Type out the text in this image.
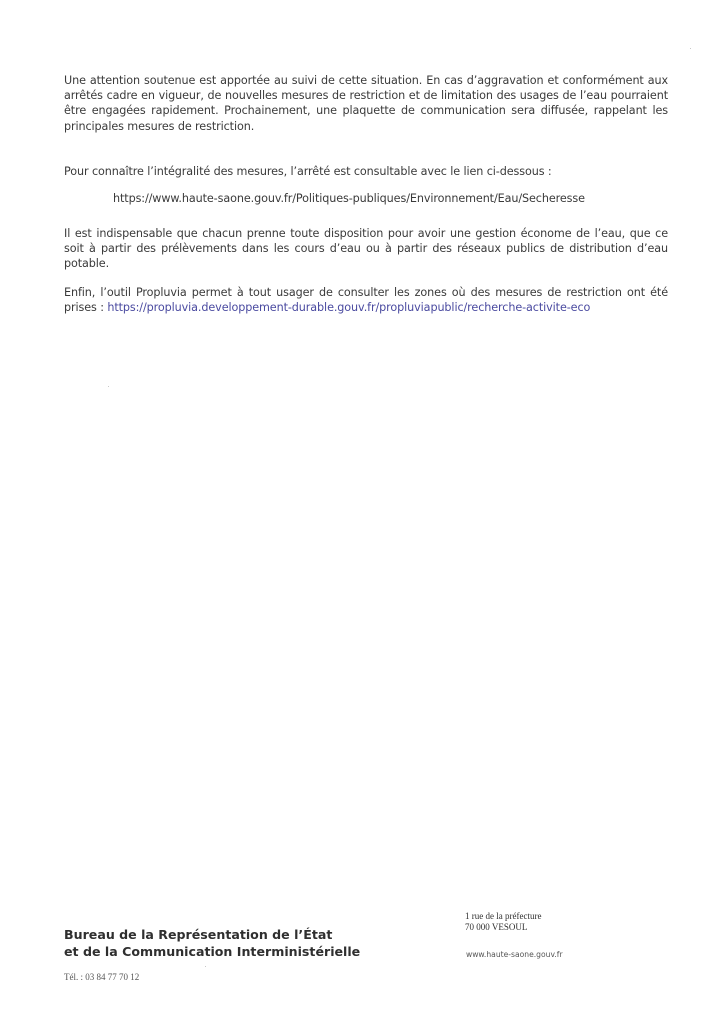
Une attention soutenue est apportée au suivi de cette situation. En cas d’aggravation et conformément aux arrêtés cadre en vigueur, de nouvelles mesures de restriction et de limitation des usages de l’eau pourraient être engagées rapidement. Prochainement, une plaquette de communication sera diffusée, rappelant les principales mesures de restriction.

Pour connaître l’intégralité des mesures, l’arrêté est consultable avec le lien ci-dessous :

https://www.haute-saone.gouv.fr/Politiques-publiques/Environnement/Eau/Secheresse

Il est indispensable que chacun prenne toute disposition pour avoir une gestion économe de l’eau, que ce soit à partir des prélèvements dans les cours d’eau ou à partir des réseaux publics de distribution d’eau potable.

Enfin, l’outil Propluvia permet à tout usager de consulter les zones où des mesures de restriction ont été prises : https://propluvia.developpement-durable.gouv.fr/propluviapublic/recherche-activite-eco

Bureau de la Représentation de l’État
et de la Communication Interministérielle

Tél. : 03 84 77 70 12

1 rue de la préfecture
70 000 VESOUL

www.haute-saone.gouv.fr
